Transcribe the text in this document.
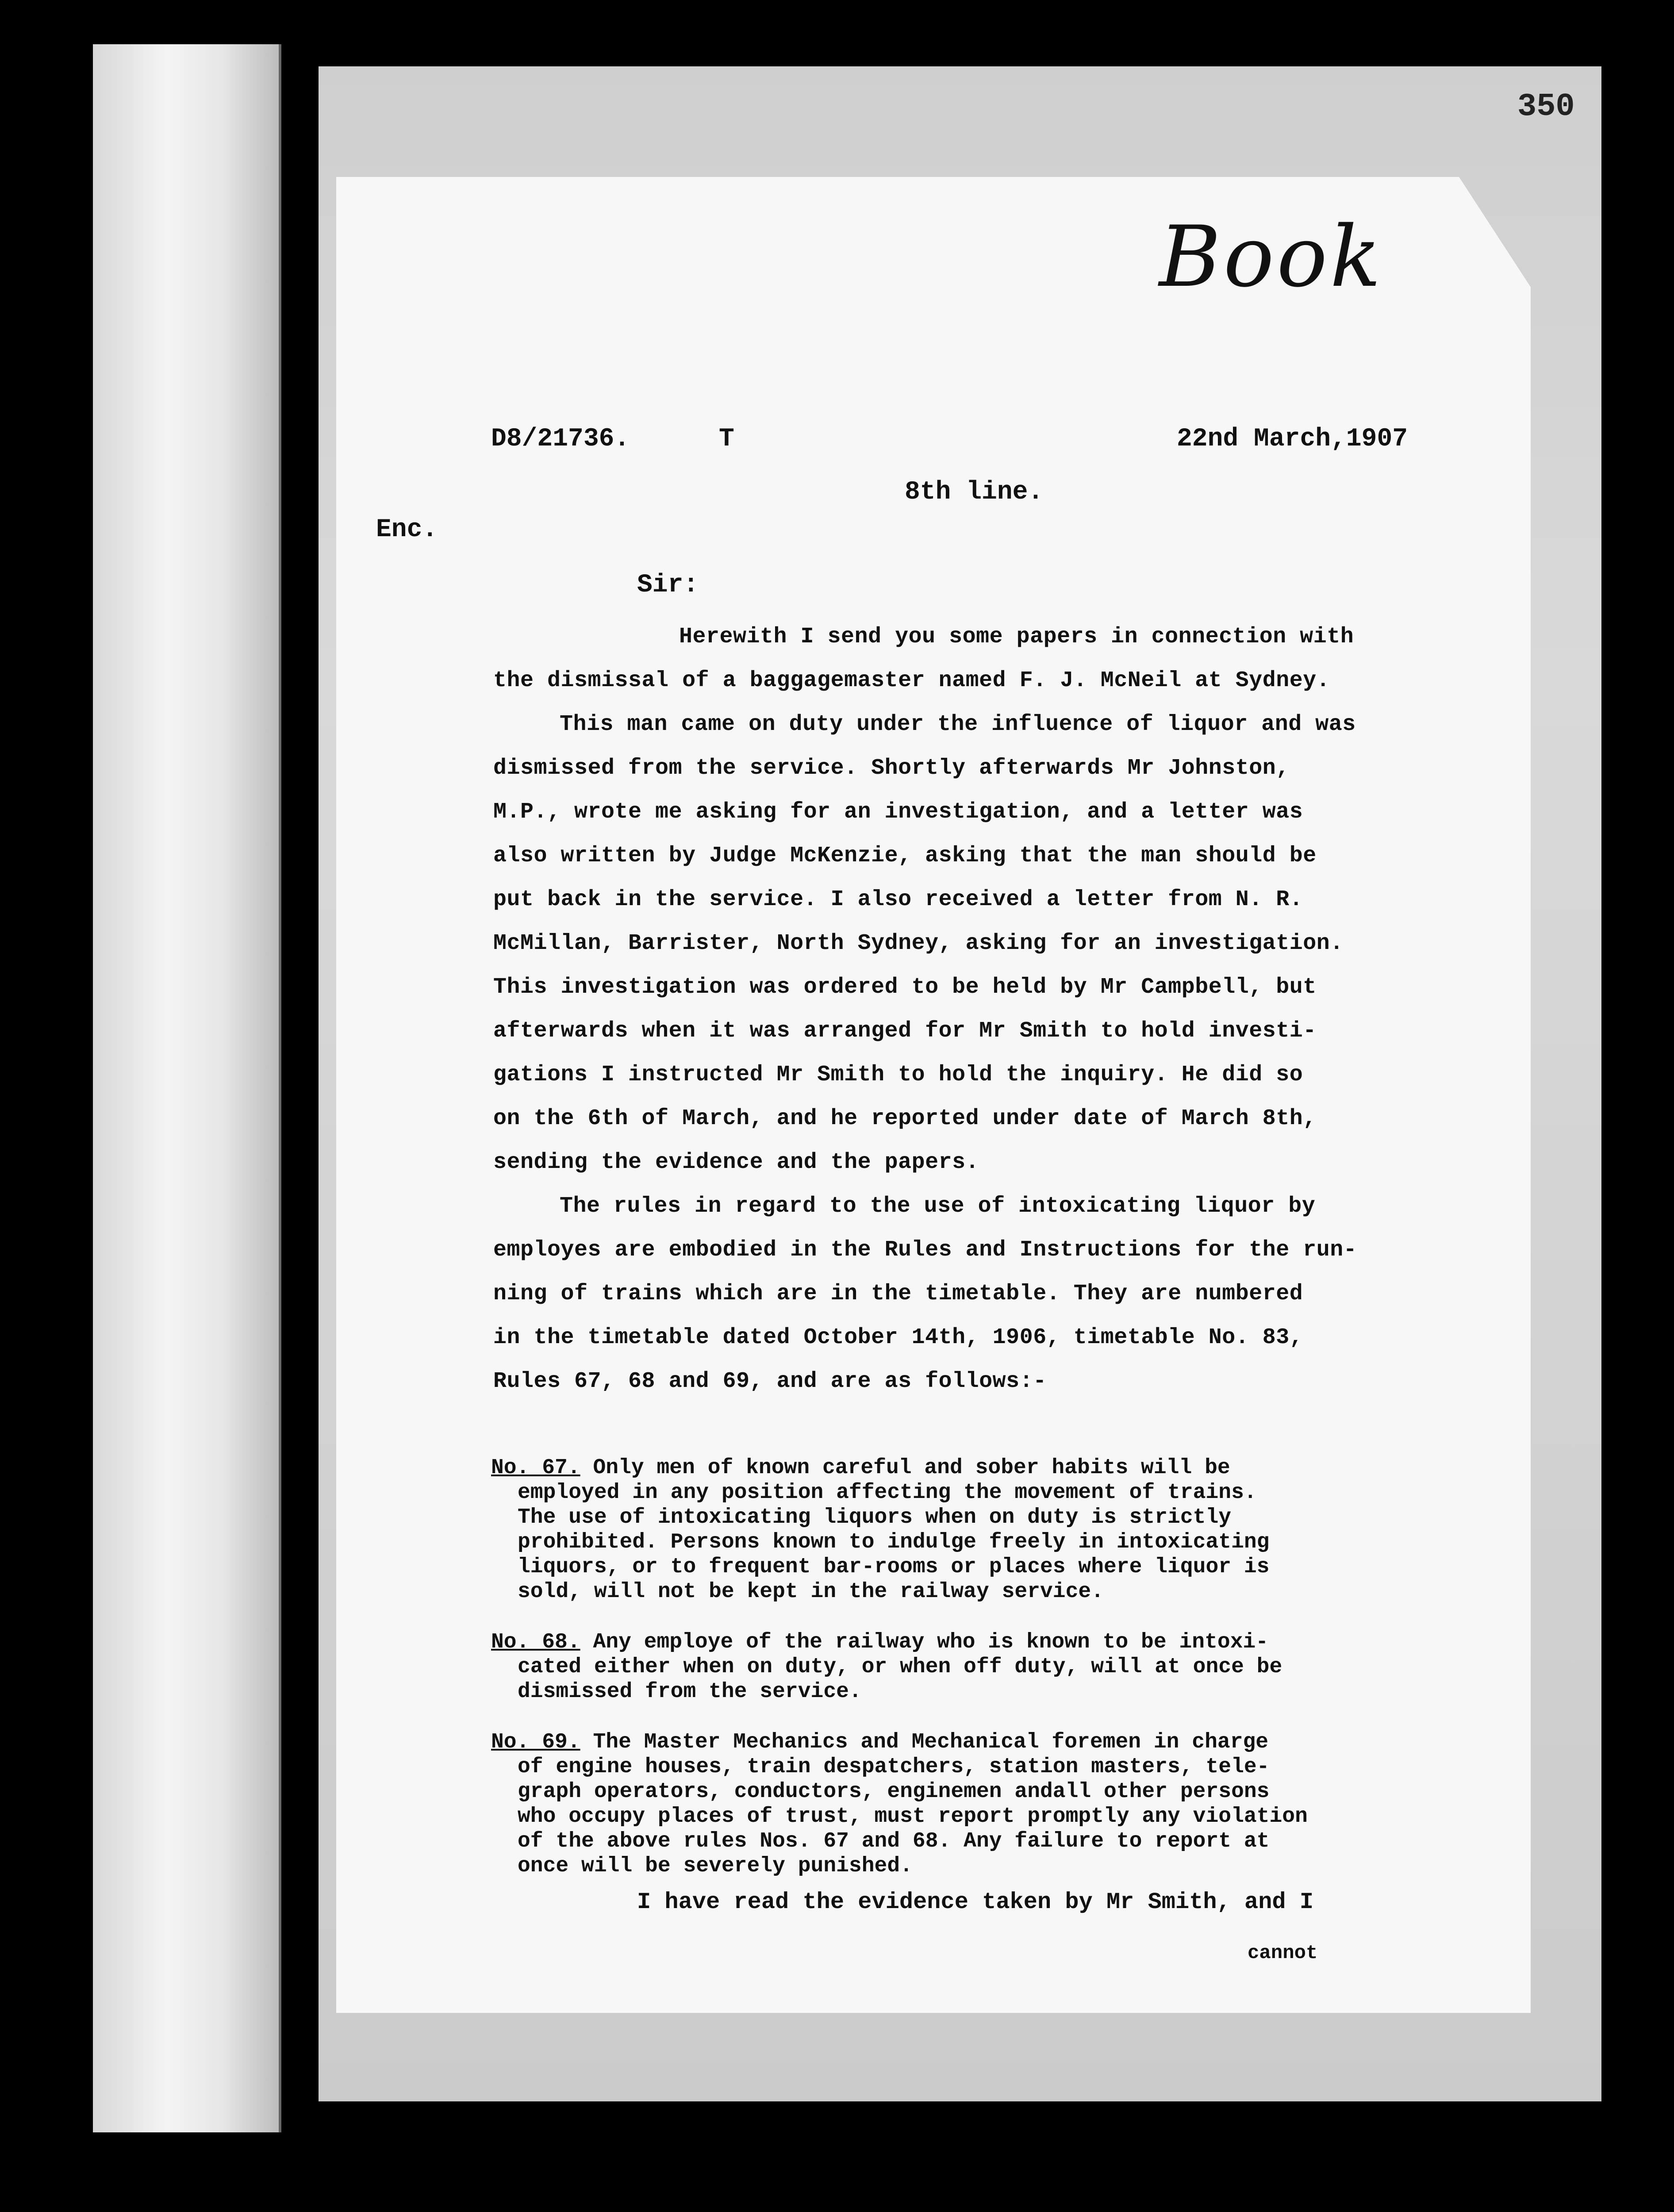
350
Book
D8/21736.	T	22nd March,1907
8th line.
Enc.
Sir:
Herewith I send you some papers in connection with
the dismissal of a baggagemaster named F. J. McNeil at Sydney.
This man came on duty under the influence of liquor and was
dismissed from the service. Shortly afterwards Mr Johnston,
M.P., wrote me asking for an investigation, and a letter was
also written by Judge McKenzie, asking that the man should be
put back in the service. I also received a letter from N. R.
McMillan, Barrister, North Sydney, asking for an investigation.
This investigation was ordered to be held by Mr Campbell, but
afterwards when it was arranged for Mr Smith to hold investi-
gations I instructed Mr Smith to hold the inquiry. He did so
on the 6th of March, and he reported under date of March 8th,
sending the evidence and the papers.
The rules in regard to the use of intoxicating liquor by
employes are embodied in the Rules and Instructions for the run-
ning of trains which are in the timetable. They are numbered
in the timetable dated October 14th, 1906, timetable No. 83,
Rules 67, 68 and 69, and are as follows:-
No. 67. Only men of known careful and sober habits will be
employed in any position affecting the movement of trains.
The use of intoxicating liquors when on duty is strictly
prohibited. Persons known to indulge freely in intoxicating
liquors, or to frequent bar-rooms or places where liquor is
sold, will not be kept in the railway service.
No. 68. Any employe of the railway who is known to be intoxi-
cated either when on duty, or when off duty, will at once be
dismissed from the service.
No. 69. The Master Mechanics and Mechanical foremen in charge
of engine houses, train despatchers, station masters, tele-
graph operators, conductors, enginemen andall other persons
who occupy places of trust, must report promptly any violation
of the above rules Nos. 67 and 68. Any failure to report at
once will be severely punished.
I have read the evidence taken by Mr Smith, and I
cannot
